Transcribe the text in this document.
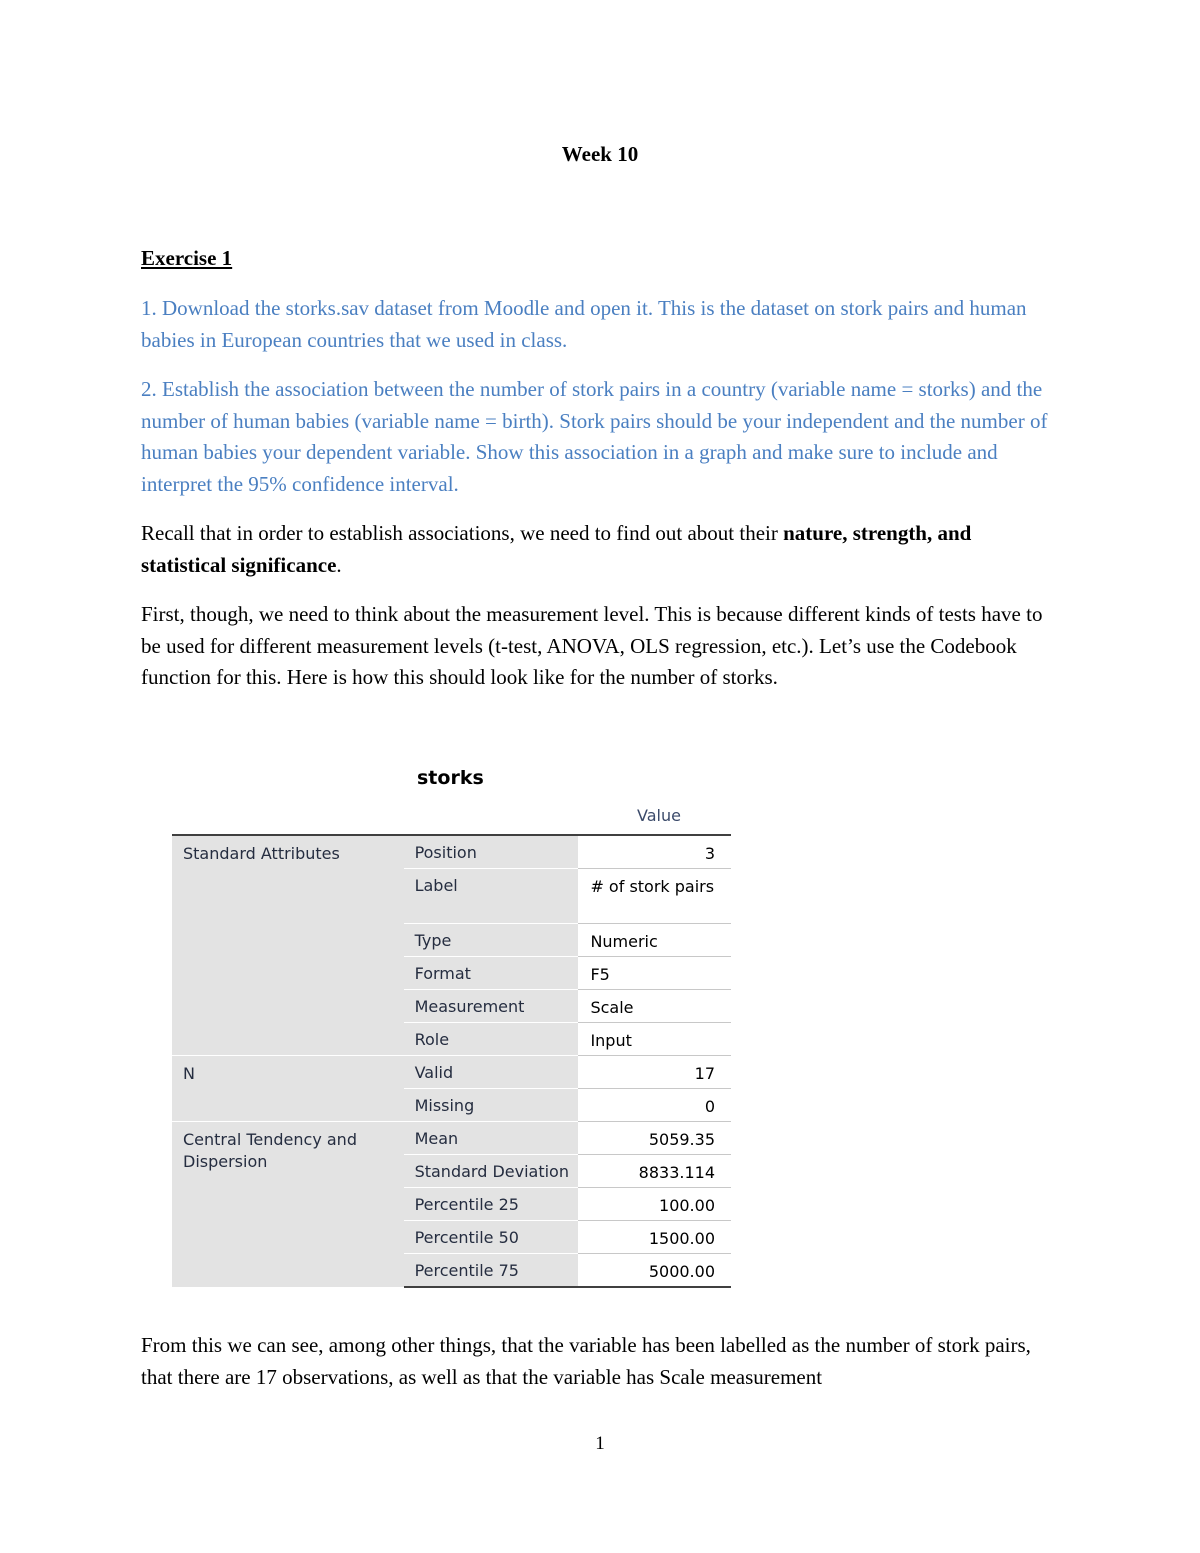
Week 10
Exercise 1
1. Download the storks.sav dataset from Moodle and open it. This is the dataset on stork pairs and human babies in European countries that we used in class.
2. Establish the association between the number of stork pairs in a country (variable name = storks) and the number of human babies (variable name = birth). Stork pairs should be your independent and the number of human babies your dependent variable. Show this association in a graph and make sure to include and interpret the 95% confidence interval.
Recall that in order to establish associations, we need to find out about their nature, strength, and statistical significance.
First, though, we need to think about the measurement level. This is because different kinds of tests have to be used for different measurement levels (t-test, ANOVA, OLS regression, etc.). Let’s use the Codebook function for this. Here is how this should look like for the number of storks.
storks
Value
Standard Attributes	Position	3
	Label	# of stork pairs
	Type	Numeric
	Format	F5
	Measurement	Scale
	Role	Input
N	Valid	17
	Missing	0
Central Tendency and Dispersion	Mean	5059.35
	Standard Deviation	8833.114
	Percentile 25	100.00
	Percentile 50	1500.00
	Percentile 75	5000.00
From this we can see, among other things, that the variable has been labelled as the number of stork pairs, that there are 17 observations, as well as that the variable has Scale measurement
1
